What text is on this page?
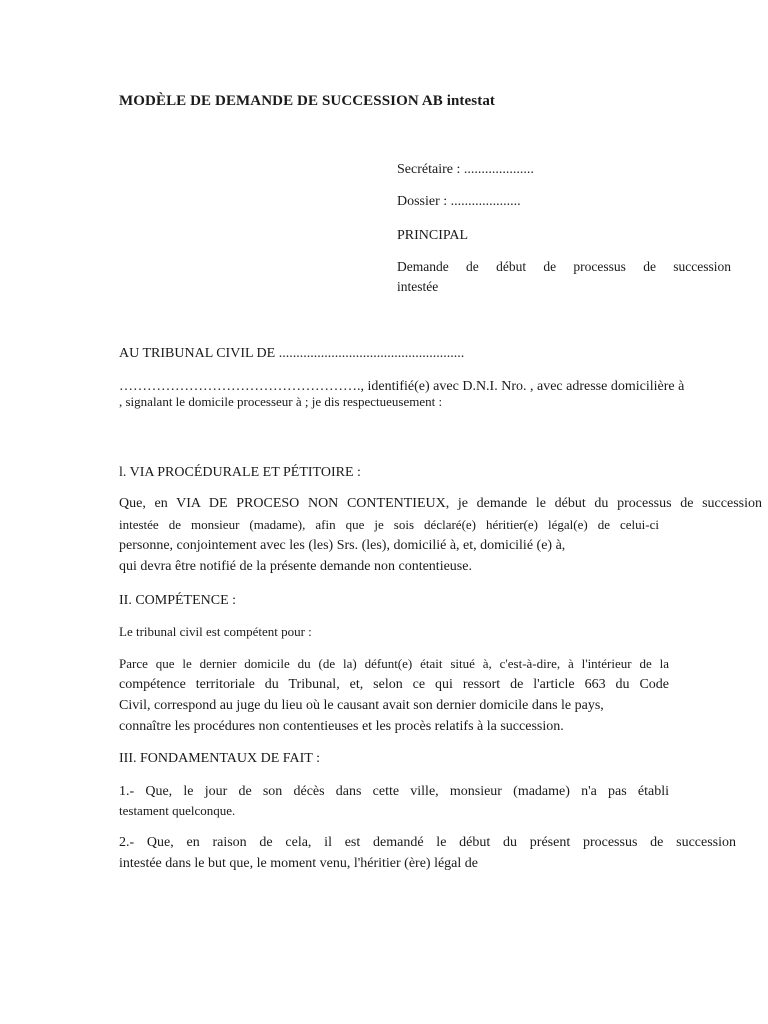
MODÈLE DE DEMANDE DE SUCCESSION AB intestat
Secrétaire : ....................
Dossier : ....................
PRINCIPAL
Demande de début de processus de succession
intestée
AU TRIBUNAL CIVIL DE .....................................................
……………………………………………., identifié(e) avec D.N.I. Nro. , avec adresse domicilière à
, signalant le domicile processeur à ; je dis respectueusement :
l. VIA PROCÉDURALE ET PÉTITOIRE :
Que, en VIA DE PROCESO NON CONTENTIEUX, je demande le début du processus de succession
intestée de monsieur (madame), afin que je sois déclaré(e) héritier(e) légal(e) de celui-ci
personne, conjointement avec les (les) Srs. (les), domicilié à, et, domicilié (e) à,
qui devra être notifié de la présente demande non contentieuse.
II. COMPÉTENCE :
Le tribunal civil est compétent pour :
Parce que le dernier domicile du (de la) défunt(e) était situé à, c'est-à-dire, à l'intérieur de la
compétence territoriale du Tribunal, et, selon ce qui ressort de l'article 663 du Code
Civil, correspond au juge du lieu où le causant avait son dernier domicile dans le pays,
connaître les procédures non contentieuses et les procès relatifs à la succession.
III. FONDAMENTAUX DE FAIT :
1.- Que, le jour de son décès dans cette ville, monsieur (madame) n'a pas établi
testament quelconque.
2.- Que, en raison de cela, il est demandé le début du présent processus de succession
intestée dans le but que, le moment venu, l'héritier (ère) légal de
